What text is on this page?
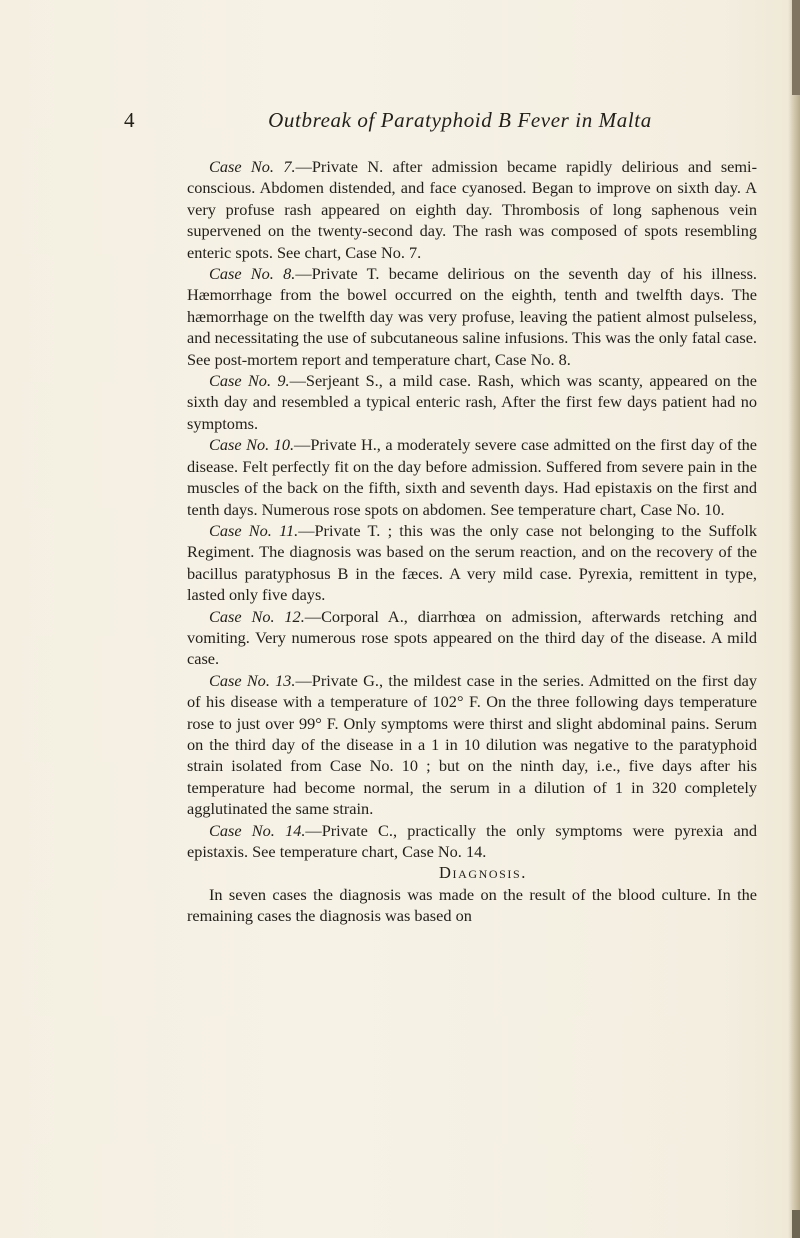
4	Outbreak of Paratyphoid B Fever in Malta

Case No. 7.—Private N. after admission became rapidly delirious and semi-conscious. Abdomen distended, and face cyanosed. Began to improve on sixth day. A very profuse rash appeared on eighth day. Thrombosis of long saphenous vein supervened on the twenty-second day. The rash was composed of spots resembling enteric spots. See chart, Case No. 7.

Case No. 8.—Private T. became delirious on the seventh day of his illness. Hæmorrhage from the bowel occurred on the eighth, tenth and twelfth days. The hæmorrhage on the twelfth day was very profuse, leaving the patient almost pulseless, and necessitating the use of subcutaneous saline infusions. This was the only fatal case. See post-mortem report and temperature chart, Case No. 8.

Case No. 9.—Serjeant S., a mild case. Rash, which was scanty, appeared on the sixth day and resembled a typical enteric rash, After the first few days patient had no symptoms.

Case No. 10.—Private H., a moderately severe case admitted on the first day of the disease. Felt perfectly fit on the day before admission. Suffered from severe pain in the muscles of the back on the fifth, sixth and seventh days. Had epistaxis on the first and tenth days. Numerous rose spots on abdomen. See temperature chart, Case No. 10.

Case No. 11.—Private T. ; this was the only case not belonging to the Suffolk Regiment. The diagnosis was based on the serum reaction, and on the recovery of the bacillus paratyphosus B in the fæces. A very mild case. Pyrexia, remittent in type, lasted only five days.

Case No. 12.—Corporal A., diarrhœa on admission, afterwards retching and vomiting. Very numerous rose spots appeared on the third day of the disease. A mild case.

Case No. 13.—Private G., the mildest case in the series. Admitted on the first day of his disease with a temperature of 102° F. On the three following days temperature rose to just over 99° F. Only symptoms were thirst and slight abdominal pains. Serum on the third day of the disease in a 1 in 10 dilution was negative to the paratyphoid strain isolated from Case No. 10 ; but on the ninth day, i.e., five days after his temperature had become normal, the serum in a dilution of 1 in 320 completely agglutinated the same strain.

Case No. 14.—Private C., practically the only symptoms were pyrexia and epistaxis. See temperature chart, Case No. 14.

Diagnosis.

In seven cases the diagnosis was made on the result of the blood culture. In the remaining cases the diagnosis was based on
